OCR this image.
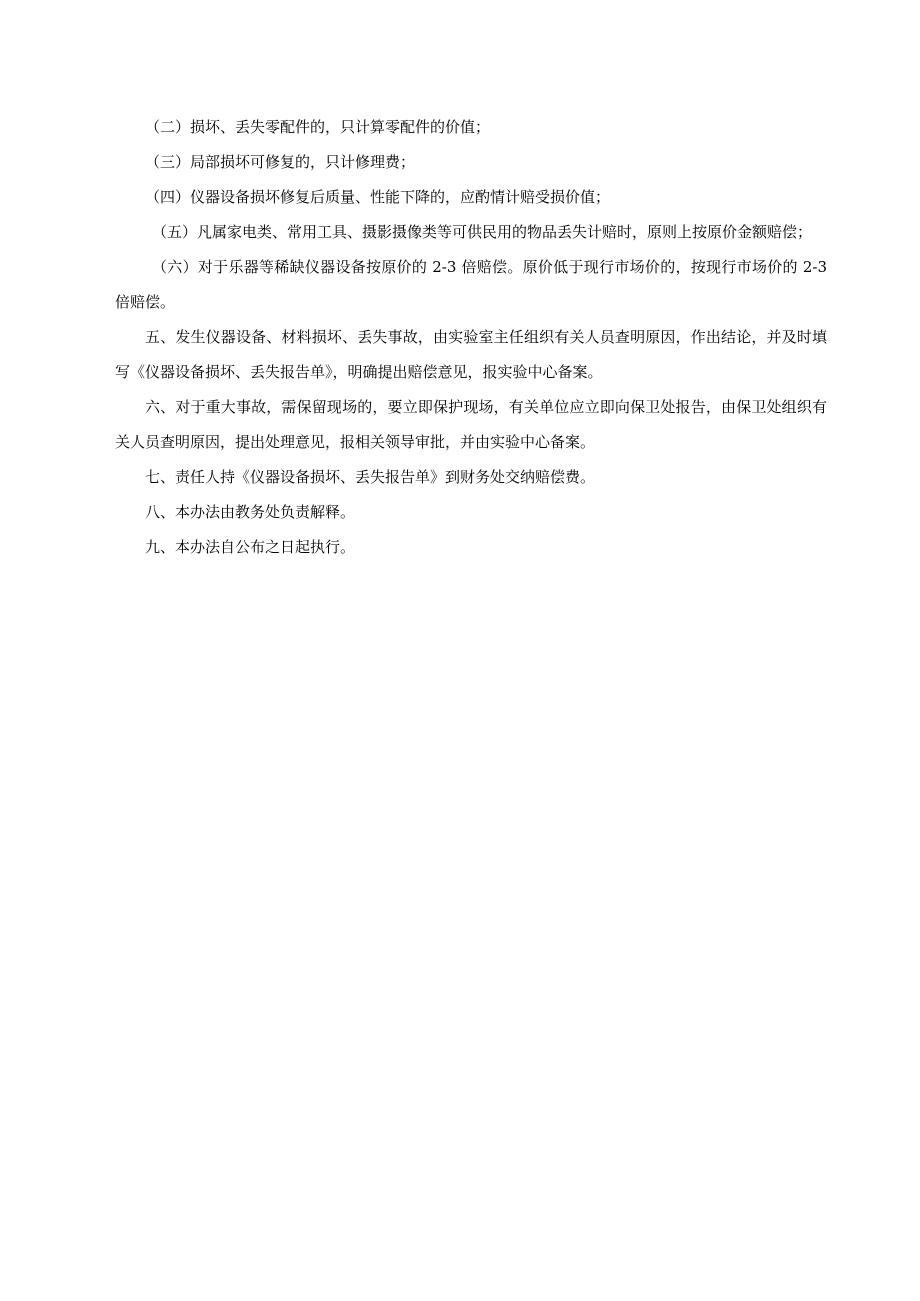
（二）损坏、丢失零配件的，只计算零配件的价值；

（三）局部损坏可修复的，只计修理费；

（四）仪器设备损坏修复后质量、性能下降的，应酌情计赔受损价值；

（五）凡属家电类、常用工具、摄影摄像类等可供民用的物品丢失计赔时，原则上按原价金额赔偿；

（六）对于乐器等稀缺仪器设备按原价的 2-3 倍赔偿。原价低于现行市场价的，按现行市场价的 2-3 倍赔偿。

五、发生仪器设备、材料损坏、丢失事故，由实验室主任组织有关人员查明原因，作出结论，并及时填写《仪器设备损坏、丢失报告单》，明确提出赔偿意见，报实验中心备案。

六、对于重大事故，需保留现场的，要立即保护现场，有关单位应立即向保卫处报告，由保卫处组织有关人员查明原因，提出处理意见，报相关领导审批，并由实验中心备案。

七、责任人持《仪器设备损坏、丢失报告单》到财务处交纳赔偿费。

八、本办法由教务处负责解释。

九、本办法自公布之日起执行。
